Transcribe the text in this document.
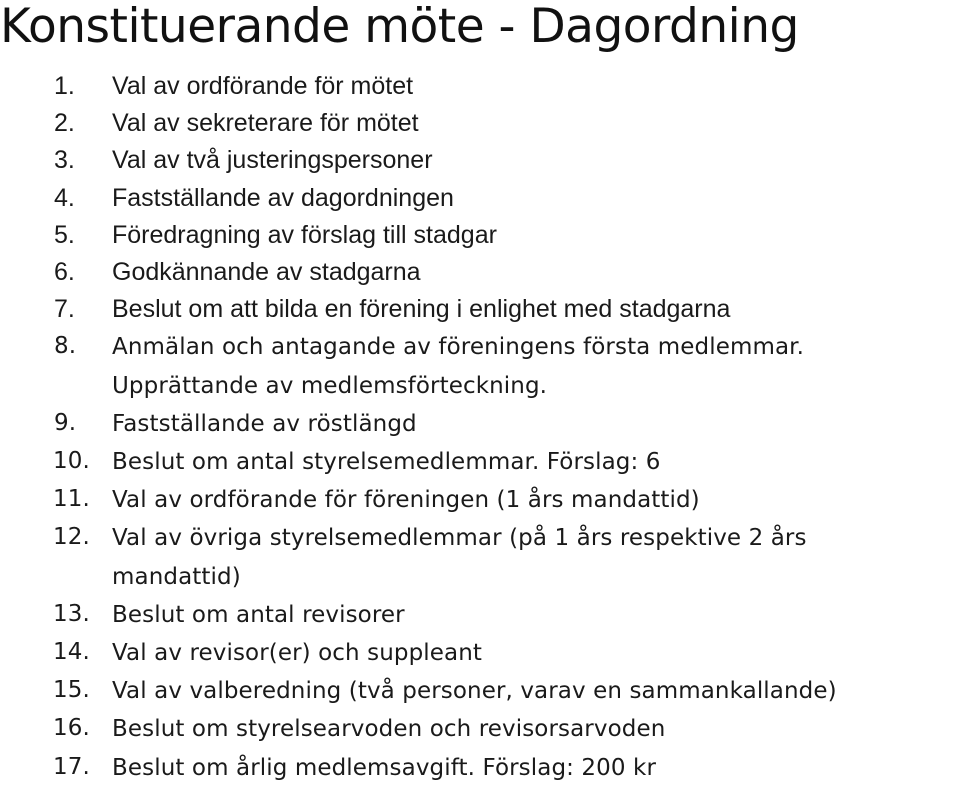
Konstituerande möte - Dagordning
1. Val av ordförande för mötet
2. Val av sekreterare för mötet
3. Val av två justeringspersoner
4. Fastställande av dagordningen
5. Föredragning av förslag till stadgar
6. Godkännande av stadgarna
7. Beslut om att bilda en förening i enlighet med stadgarna
8. Anmälan och antagande av föreningens första medlemmar. Upprättande av medlemsförteckning.
9. Fastställande av röstlängd
10. Beslut om antal styrelsemedlemmar. Förslag: 6
11. Val av ordförande för föreningen (1 års mandattid)
12. Val av övriga styrelsemedlemmar (på 1 års respektive 2 års mandattid)
13. Beslut om antal revisorer
14. Val av revisor(er) och suppleant
15. Val av valberedning (två personer, varav en sammankallande)
16. Beslut om styrelsearvoden och revisorsarvoden
17. Beslut om årlig medlemsavgift. Förslag: 200 kr
